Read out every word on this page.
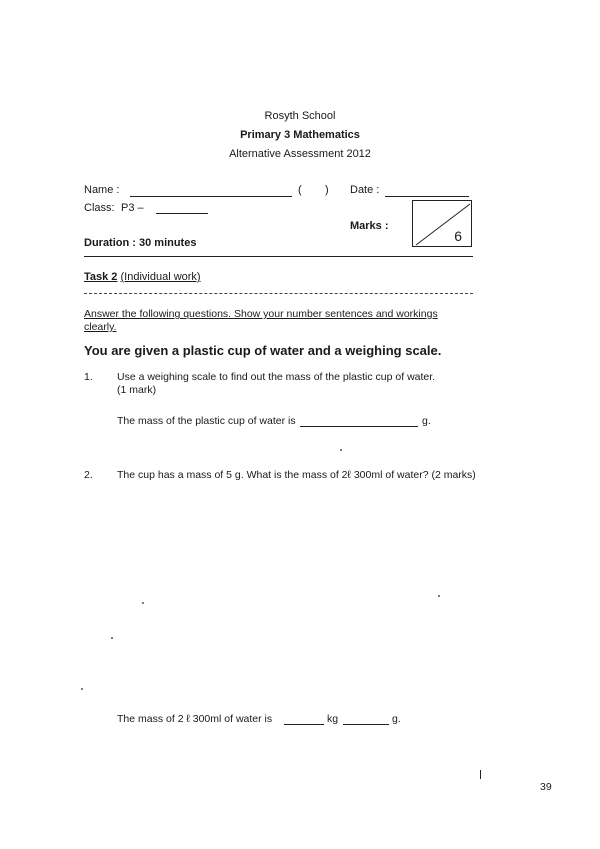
Rosyth School
Primary 3 Mathematics
Alternative Assessment 2012
Name :	( ) Date :
Class: P3 –
Marks :
6
Duration : 30 minutes
Task 2 (Individual work)
Answer the following questions. Show your number sentences and workings
clearly.
You are given a plastic cup of water and a weighing scale.
1. Use a weighing scale to find out the mass of the plastic cup of water.
(1 mark)
The mass of the plastic cup of water is	g.
2. The cup has a mass of 5 g. What is the mass of 2ℓ 300ml of water? (2 marks)
The mass of 2 ℓ 300ml of water is	kg	g.
39
